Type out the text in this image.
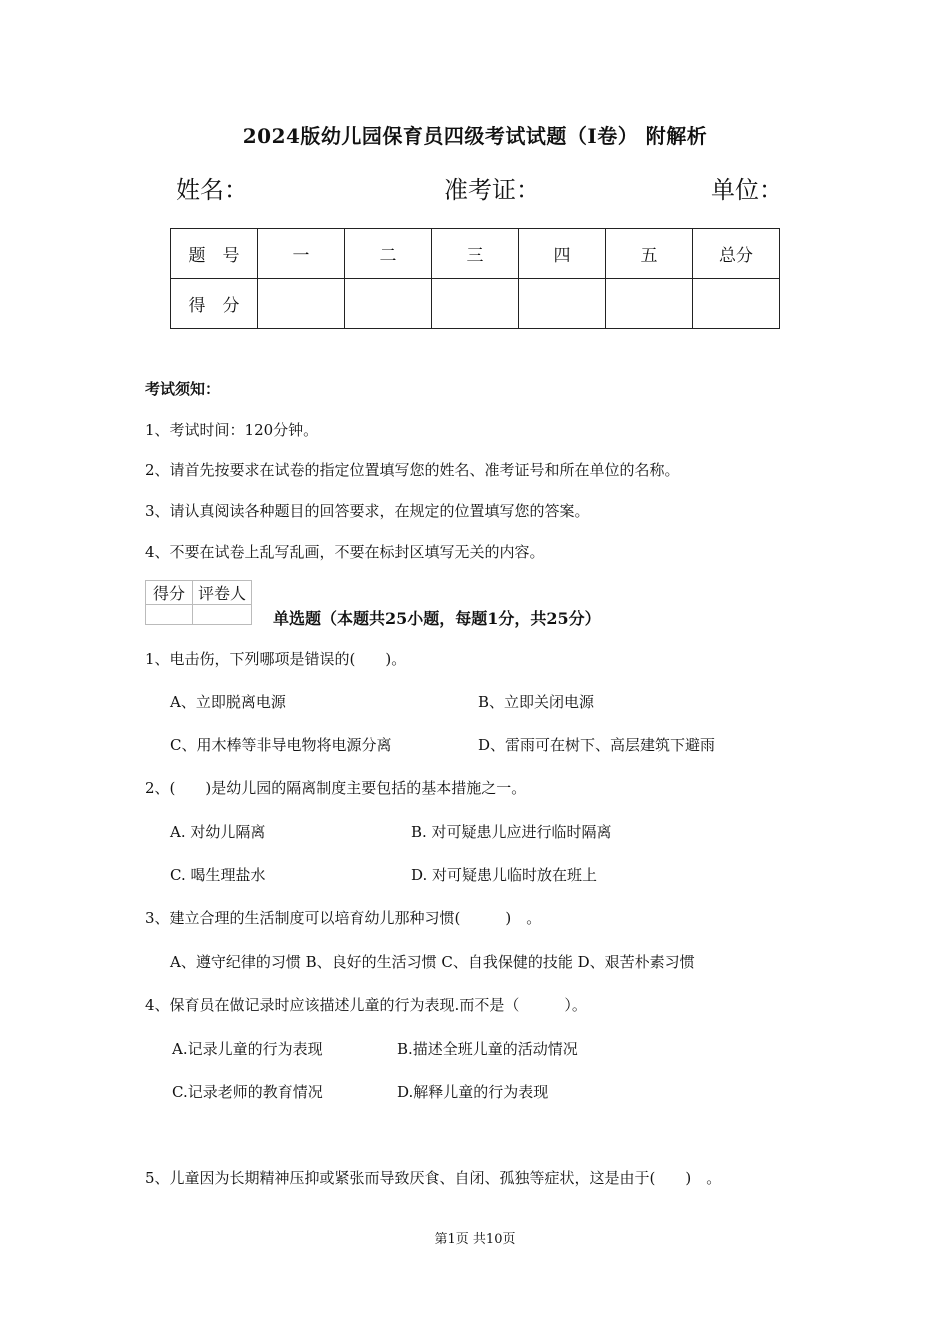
2024版幼儿园保育员四级考试试题（I卷） 附解析
姓名：	准考证：	单位：
题　号	一	二	三	四	五	总分
得　分						
考试须知：
1、考试时间：120分钟。
2、请首先按要求在试卷的指定位置填写您的姓名、准考证号和所在单位的名称。
3、请认真阅读各种题目的回答要求，在规定的位置填写您的答案。
4、不要在试卷上乱写乱画，不要在标封区填写无关的内容。
得分	评卷人

单选题（本题共25小题，每题1分，共25分）
1、电击伤，下列哪项是错误的(　　)。
A、立即脱离电源	B、立即关闭电源
C、用木棒等非导电物将电源分离	D、雷雨可在树下、高层建筑下避雨
2、(　　)是幼儿园的隔离制度主要包括的基本措施之一。
A. 对幼儿隔离	B. 对可疑患儿应进行临时隔离
C. 喝生理盐水	D. 对可疑患儿临时放在班上
3、建立合理的生活制度可以培育幼儿那种习惯(　　　)　。
A、遵守纪律的习惯 B、良好的生活习惯 C、自我保健的技能 D、艰苦朴素习惯
4、保育员在做记录时应该描述儿童的行为表现.而不是（　　　）。
A.记录儿童的行为表现	B.描述全班儿童的活动情况
C.记录老师的教育情况	D.解释儿童的行为表现
5、儿童因为长期精神压抑或紧张而导致厌食、自闭、孤独等症状，这是由于(　　)　。
第1页 共10页
